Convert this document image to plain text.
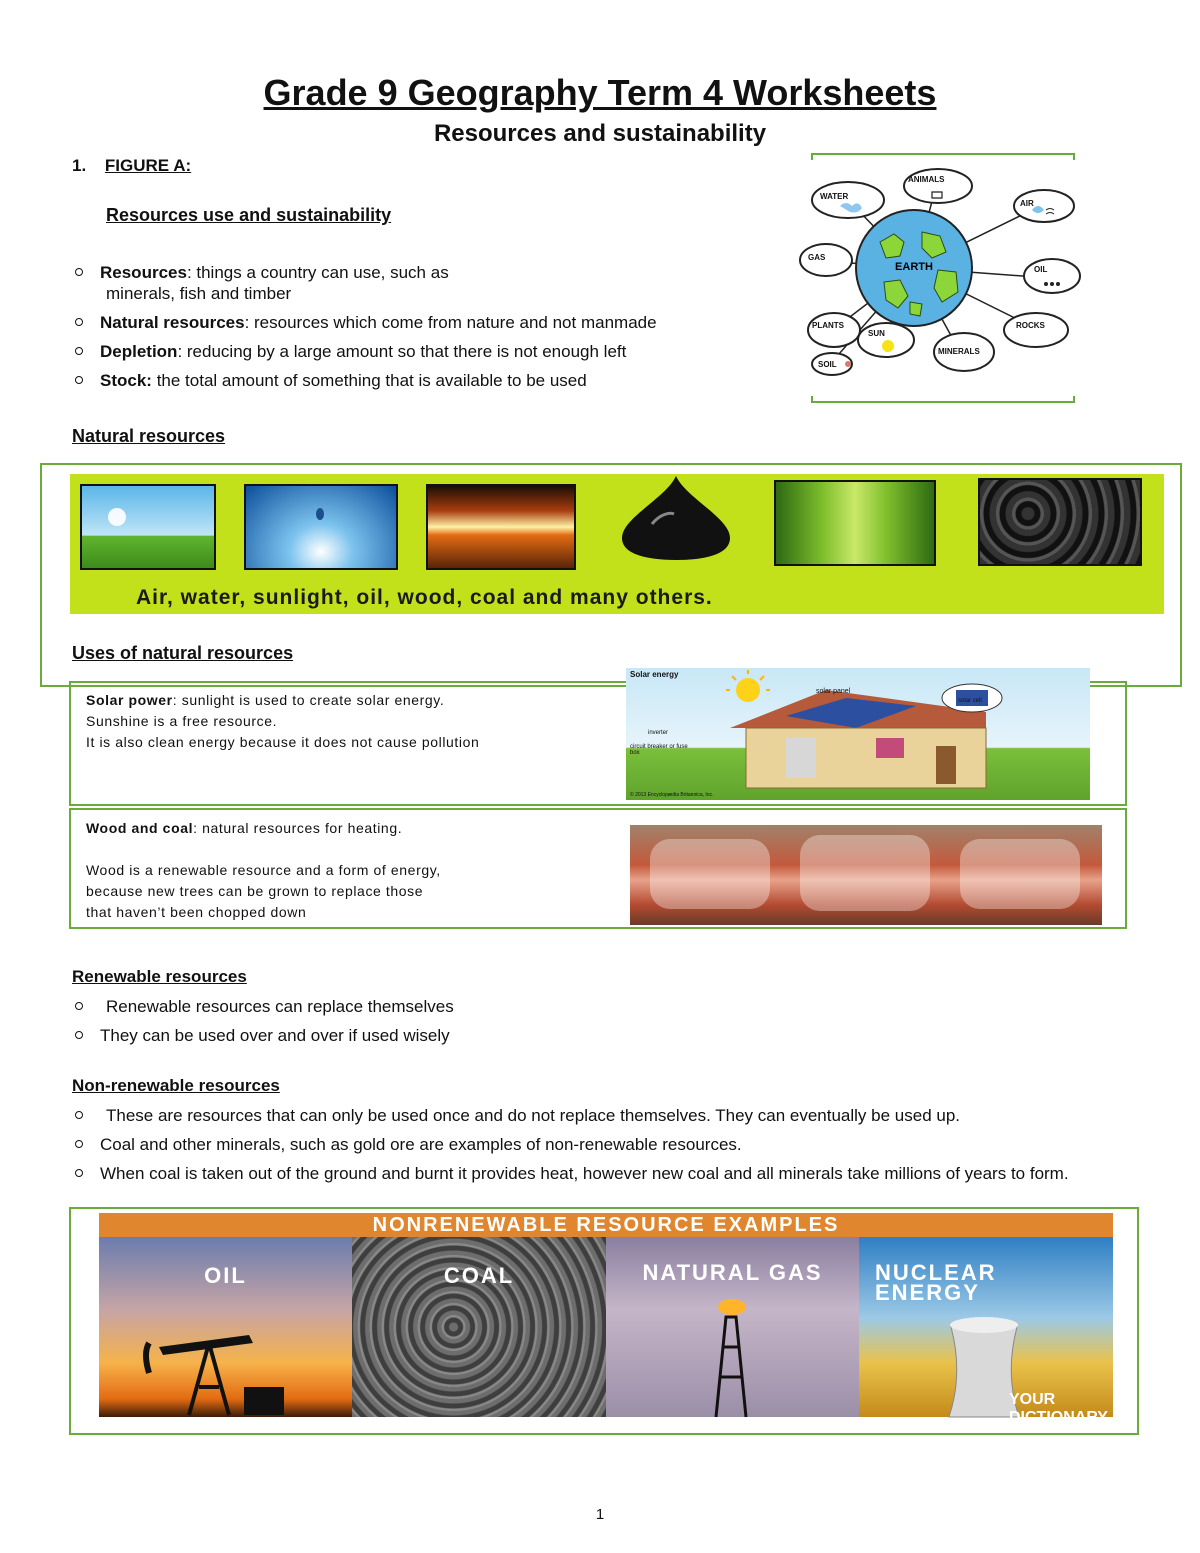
Grade 9 Geography Term 4 Worksheets
Resources and sustainability
1. FIGURE A:
Resources use and sustainability
Resources: things a country can use, such as
minerals, fish and timber
Natural resources: resources which come from nature and not manmade
Depletion: reducing by a large amount so that there is not enough left
Stock: the total amount of something that is available to be used
EARTH
WATER
ANIMALS
AIR
GAS
OIL
PLANTS
SUN
MINERALS
ROCKS
SOIL
Natural resources
Air, water, sunlight, oil, wood, coal and many others.
Uses of natural resources
Solar power: sunlight is used to create solar energy.
Sunshine is a free resource.
It is also clean energy because it does not cause pollution
Solar energy
solar panel
solar cell
inverter
circuit breaker or fuse box
© 2013 Encyclopædia Britannica, Inc.
Wood and coal: natural resources for heating.

Wood is a renewable resource and a form of energy,
because new trees can be grown to replace those
that haven’t been chopped down
Renewable resources
Renewable resources can replace themselves
They can be used over and over if used wisely
Non-renewable resources
These are resources that can only be used once and do not replace themselves. They can eventually be used up.
Coal and other minerals, such as gold ore are examples of non-renewable resources.
When coal is taken out of the ground and burnt it provides heat, however new coal and all minerals take millions of years to form.
NONRENEWABLE RESOURCE EXAMPLES
OIL	COAL	NATURAL GAS	NUCLEAR ENERGY
YOUR DICTIONARY
1
